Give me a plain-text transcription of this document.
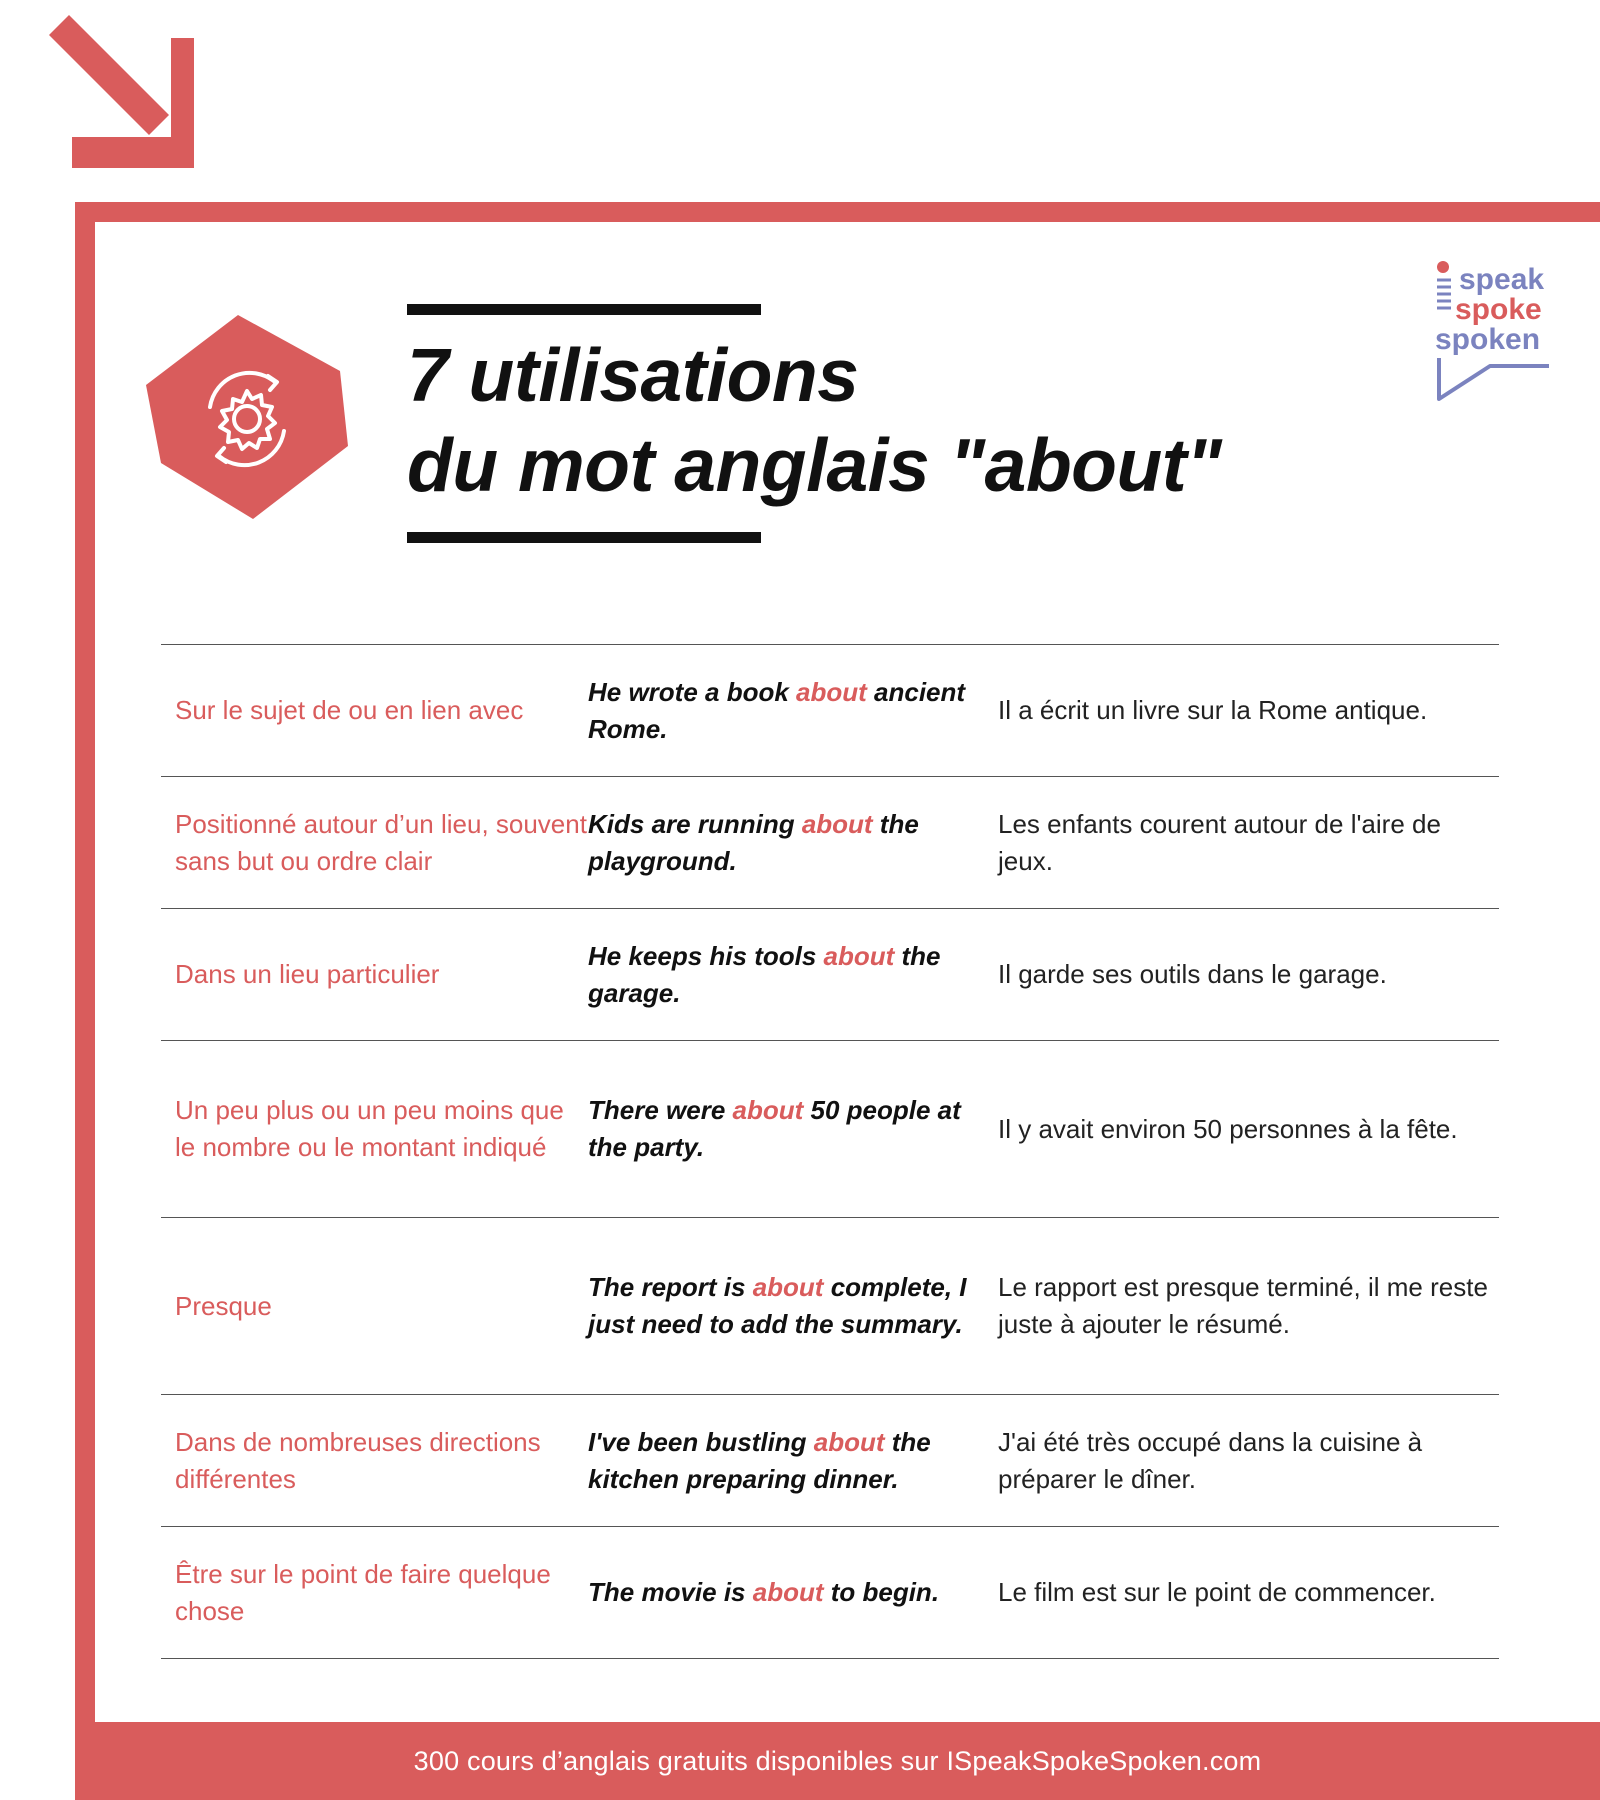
7 utilisations
du mot anglais "about"
speak
spoke
spoken
Sur le sujet de ou en lien avec
He wrote a book about ancient Rome.
Il a écrit un livre sur la Rome antique.
Positionné autour d’un lieu, souvent sans but ou ordre clair
Kids are running about the playground.
Les enfants courent autour de l'aire de jeux.
Dans un lieu particulier
He keeps his tools about the garage.
Il garde ses outils dans le garage.
Un peu plus ou un peu moins que le nombre ou le montant indiqué
There were about 50 people at the party.
Il y avait environ 50 personnes à la fête.
Presque
The report is about complete, I just need to add the summary.
Le rapport est presque terminé, il me reste juste à ajouter le résumé.
Dans de nombreuses directions différentes
I've been bustling about the kitchen preparing dinner.
J'ai été très occupé dans la cuisine à préparer le dîner.
Être sur le point de faire quelque chose
The movie is about to begin.	Le film est sur le point de commencer.
300 cours d’anglais gratuits disponibles sur ISpeakSpokeSpoken.com
